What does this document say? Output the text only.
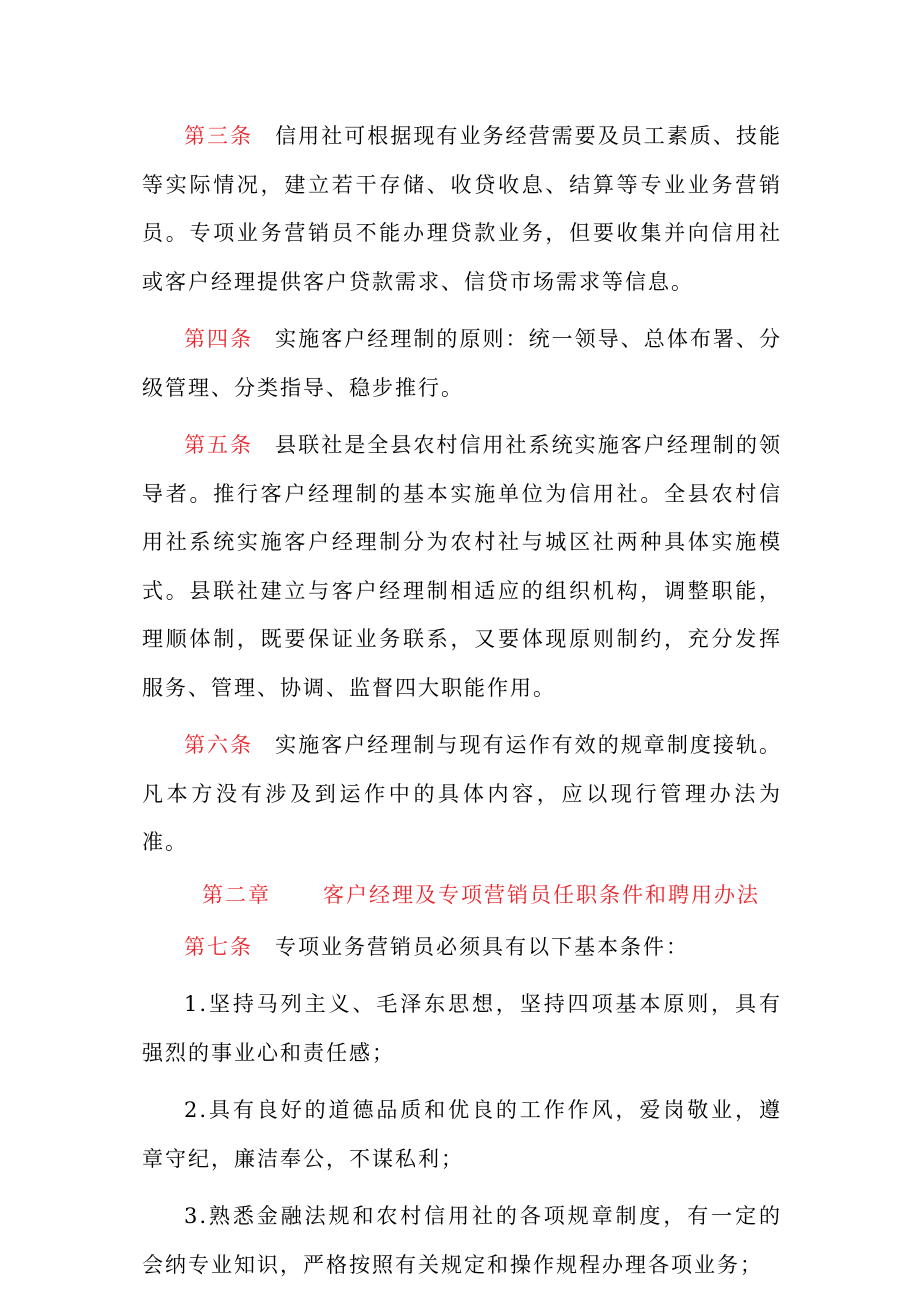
第三条 信用社可根据现有业务经营需要及员工素质、技能等实际情况，建立若干存储、收贷收息、结算等专业业务营销员。专项业务营销员不能办理贷款业务，但要收集并向信用社或客户经理提供客户贷款需求、信贷市场需求等信息。

第四条 实施客户经理制的原则：统一领导、总体布署、分级管理、分类指导、稳步推行。

第五条 县联社是全县农村信用社系统实施客户经理制的领导者。推行客户经理制的基本实施单位为信用社。全县农村信用社系统实施客户经理制分为农村社与城区社两种具体实施模式。县联社建立与客户经理制相适应的组织机构，调整职能，理顺体制，既要保证业务联系，又要体现原则制约，充分发挥服务、管理、协调、监督四大职能作用。

第六条 实施客户经理制与现有运作有效的规章制度接轨。凡本方没有涉及到运作中的具体内容，应以现行管理办法为准。

第二章 客户经理及专项营销员任职条件和聘用办法

第七条 专项业务营销员必须具有以下基本条件：

1.坚持马列主义、毛泽东思想，坚持四项基本原则，具有强烈的事业心和责任感；

2.具有良好的道德品质和优良的工作作风，爱岗敬业，遵章守纪，廉洁奉公，不谋私利；

3.熟悉金融法规和农村信用社的各项规章制度，有一定的会纳专业知识，严格按照有关规定和操作规程办理各项业务；
